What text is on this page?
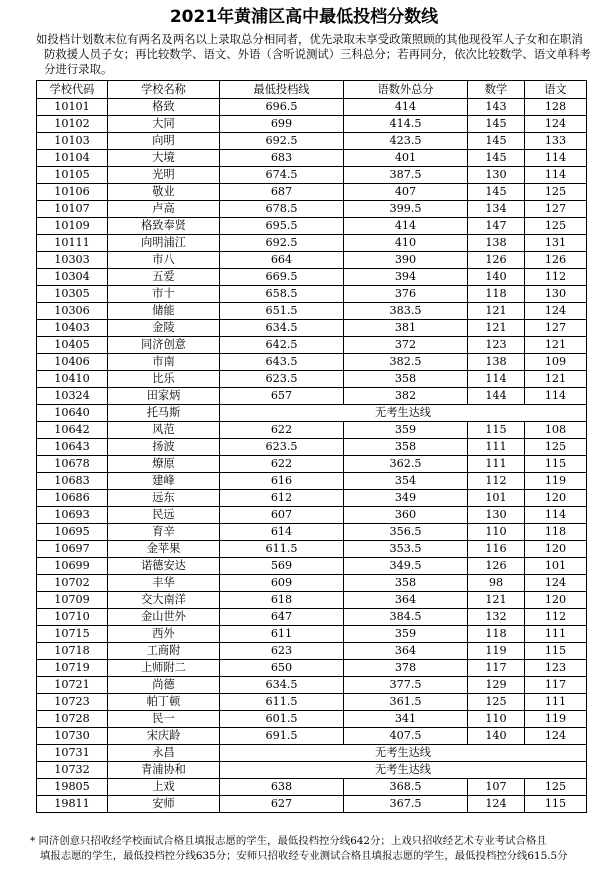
2021年黄浦区高中最低投档分数线
如投档计划数末位有两名及两名以上录取总分相同者，优先录取未享受政策照顾的其他现役军人子女和在职消防救援人员子女；再比较数学、语文、外语（含听说测试）三科总分；若再同分，依次比较数学、语文单科考分进行录取。
学校代码	学校名称	最低投档线	语数外总分	数学	语文
10101	格致	696.5	414	143	128
10102	大同	699	414.5	145	124
10103	向明	692.5	423.5	145	133
10104	大境	683	401	145	114
10105	光明	674.5	387.5	130	114
10106	敬业	687	407	145	125
10107	卢高	678.5	399.5	134	127
10109	格致奉贤	695.5	414	147	125
10111	向明浦江	692.5	410	138	131
10303	市八	664	390	126	126
10304	五爱	669.5	394	140	112
10305	市十	658.5	376	118	130
10306	储能	651.5	383.5	121	124
10403	金陵	634.5	381	121	127
10405	同济创意	642.5	372	123	121
10406	市南	643.5	382.5	138	109
10410	比乐	623.5	358	114	121
10324	田家炳	657	382	144	114
10640	托马斯	无考生达线			
10642	风范	622	359	115	108
10643	扬波	623.5	358	111	125
10678	燎原	622	362.5	111	115
10683	建峰	616	354	112	119
10686	远东	612	349	101	120
10693	民远	607	360	130	114
10695	育辛	614	356.5	110	118
10697	金苹果	611.5	353.5	116	120
10699	诺德安达	569	349.5	126	101
10702	丰华	609	358	98	124
10709	交大南洋	618	364	121	120
10710	金山世外	647	384.5	132	112
10715	西外	611	359	118	111
10718	工商附	623	364	119	115
10719	上师附二	650	378	117	123
10721	尚德	634.5	377.5	129	117
10723	帕丁顿	611.5	361.5	125	111
10728	民一	601.5	341	110	119
10730	宋庆龄	691.5	407.5	140	124
10731	永昌	无考生达线			
10732	青浦协和	无考生达线			
19805	上戏	638	368.5	107	125
19811	安师	627	367.5	124	115
* 同济创意只招收经学校面试合格且填报志愿的学生，最低投档控分线642分；上戏只招收经艺术专业考试合格且
填报志愿的学生，最低投档控分线635分；安师只招收经专业测试合格且填报志愿的学生，最低投档控分线615.5分
